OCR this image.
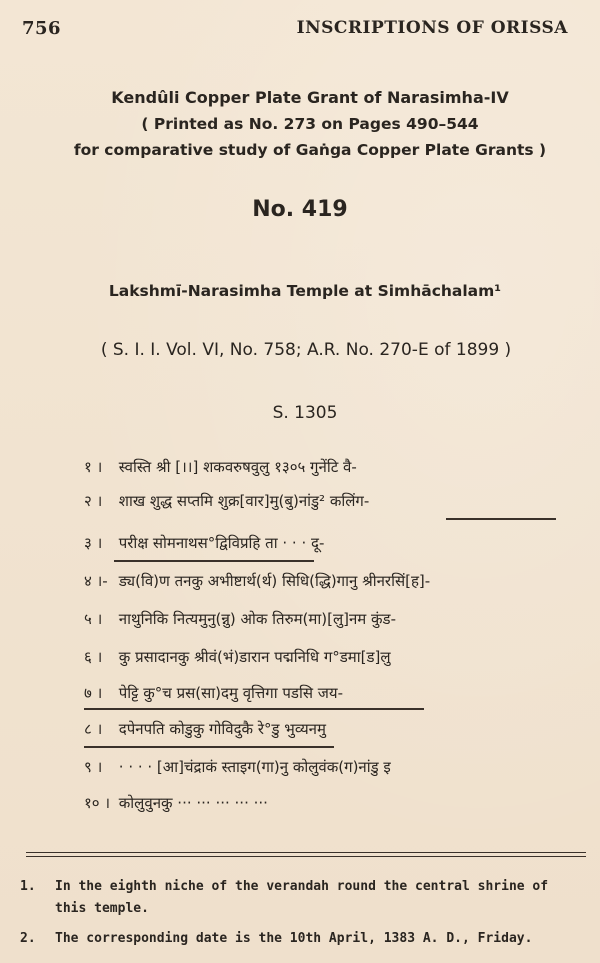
756	INSCRIPTIONS OF ORISSA
Kendûli Copper Plate Grant of Narasimha-IV
( Printed as No. 273 on Pages 490–544
for comparative study of Gaṅga Copper Plate Grants )
No. 419
Lakshmī-Narasimha Temple at Simhāchalam¹
( S. I. I. Vol. VI, No. 758; A.R. No. 270-E of 1899 )
S. 1305
१ । स्वस्ति श्री [।।] शकवरुषवुलु १३०५ गुनेंटि वै-
२ । शाख शुद्ध सप्तमि शुक्र[वार]मु(बु)नांडु² कलिंग-
३ । परीक्ष सोमनाथस°द्विविप्रहि ता · · · दू-
४ ।- ड्य(वि)ण तनकु अभीष्टार्थ(र्थ) सिधि(द्धि)गानु श्रीनरसिं[ह]-
५ । नाथुनिकि नित्यमुनु(न्नु) ओक तिरुम(मा)[लु]नम कुंड-
६ । कु प्रसादानकु श्रीवं(भं)डारान पद्मनिधि ग°डमा[ड]लु
७ । पेट्टि कु°च प्रस(सा)दमु वृत्तिगा पडसि जय-
८ । दपेनपति कोडुकु गोविदुकै रे°डु भुव्यनमु
९ । · · · · [आ]चंद्राकं स्ताइग(गा)नु कोलुवंक(ग)नांडु इ
१० । कोलुवुनकु ··· ··· ··· ··· ···
1. In the eighth niche of the verandah round the central shrine of this temple.
2. The corresponding date is the 10th April, 1383 A. D., Friday.
